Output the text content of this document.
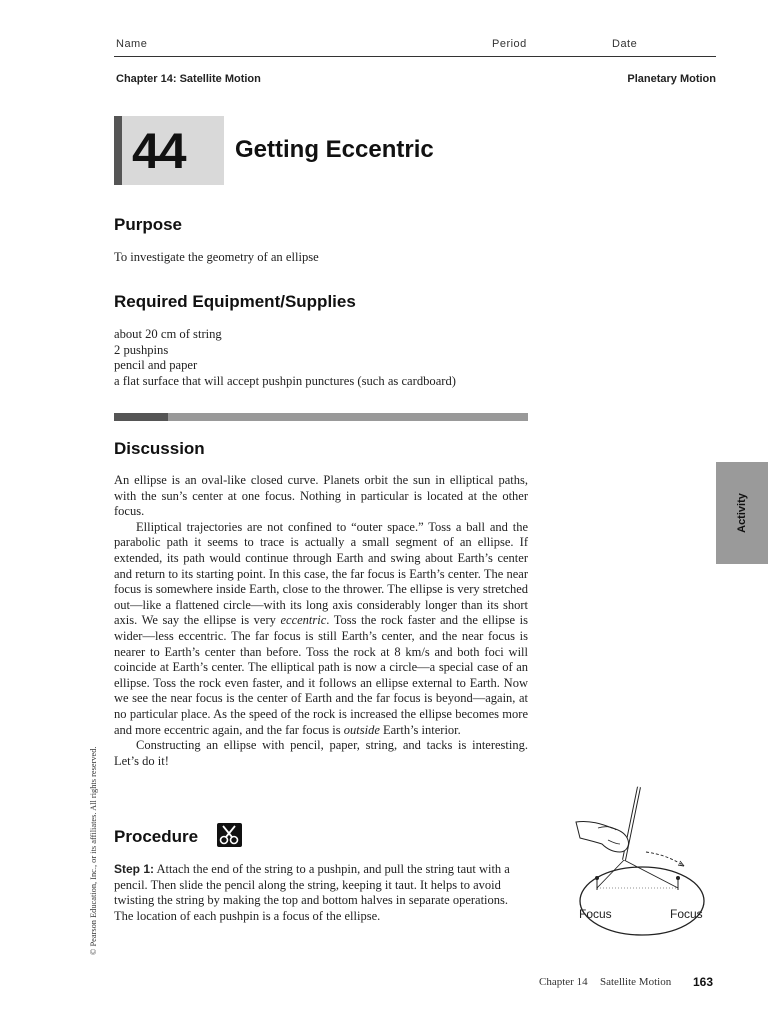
Name	Period	Date
Chapter 14: Satellite Motion	Planetary Motion
44 Getting Eccentric
Purpose
To investigate the geometry of an ellipse
Required Equipment/Supplies
about 20 cm of string
2 pushpins
pencil and paper
a flat surface that will accept pushpin punctures (such as cardboard)
Discussion

An ellipse is an oval-like closed curve. Planets orbit the sun in elliptical paths, with the sun’s center at one focus. Nothing in particular is located at the other focus.

Elliptical trajectories are not confined to “outer space.” Toss a ball and the parabolic path it seems to trace is actually a small segment of an ellipse. If extended, its path would continue through Earth and swing about Earth’s center and return to its starting point. In this case, the far focus is Earth’s center. The near focus is somewhere inside Earth, close to the thrower. The ellipse is very stretched out—like a flattened circle—with its long axis considerably longer than its short axis. We say the ellipse is very eccentric. Toss the rock faster and the ellipse is wider—less eccentric. The far focus is still Earth’s center, and the near focus is nearer to Earth’s center than before. Toss the rock at 8 km/s and both foci will coincide at Earth’s center. The elliptical path is now a circle—a special case of an ellipse. Toss the rock even faster, and it follows an ellipse external to Earth. Now we see the near focus is the center of Earth and the far focus is beyond—again, at no particular place. As the speed of the rock is increased the ellipse becomes more and more eccentric again, and the far focus is outside Earth’s interior.

Constructing an ellipse with pencil, paper, string, and tacks is interesting. Let’s do it!

Procedure
Step 1: Attach the end of the string to a pushpin, and pull the string taut with a pencil. Then slide the pencil along the string, keeping it taut. It helps to avoid twisting the string by making the top and bottom halves in separate operations. The location of each pushpin is a focus of the ellipse.	Focus	Focus
Activity
© Pearson Education, Inc., or its affiliates. All rights reserved.
Chapter 14 Satellite Motion 163
